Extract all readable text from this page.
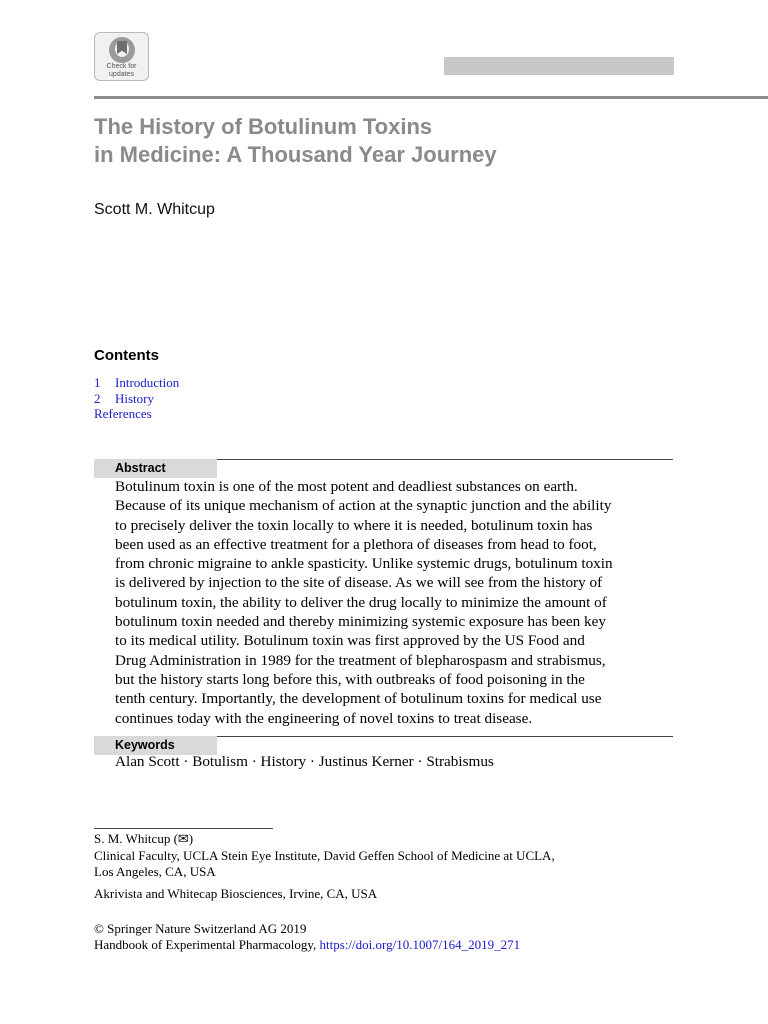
Check for
updates
The History of Botulinum Toxins
in Medicine: A Thousand Year Journey
Scott M. Whitcup
Contents
1 Introduction
2 History
References
Abstract
Botulinum toxin is one of the most potent and deadliest substances on earth.
Because of its unique mechanism of action at the synaptic junction and the ability
to precisely deliver the toxin locally to where it is needed, botulinum toxin has
been used as an effective treatment for a plethora of diseases from head to foot,
from chronic migraine to ankle spasticity. Unlike systemic drugs, botulinum toxin
is delivered by injection to the site of disease. As we will see from the history of
botulinum toxin, the ability to deliver the drug locally to minimize the amount of
botulinum toxin needed and thereby minimizing systemic exposure has been key
to its medical utility. Botulinum toxin was first approved by the US Food and
Drug Administration in 1989 for the treatment of blepharospasm and strabismus,
but the history starts long before this, with outbreaks of food poisoning in the
tenth century. Importantly, the development of botulinum toxins for medical use
continues today with the engineering of novel toxins to treat disease.
Keywords
Alan Scott · Botulism · History · Justinus Kerner · Strabismus
S. M. Whitcup (✉)
Clinical Faculty, UCLA Stein Eye Institute, David Geffen School of Medicine at UCLA,
Los Angeles, CA, USA
Akrivista and Whitecap Biosciences, Irvine, CA, USA
© Springer Nature Switzerland AG 2019
Handbook of Experimental Pharmacology, https://doi.org/10.1007/164_2019_271
